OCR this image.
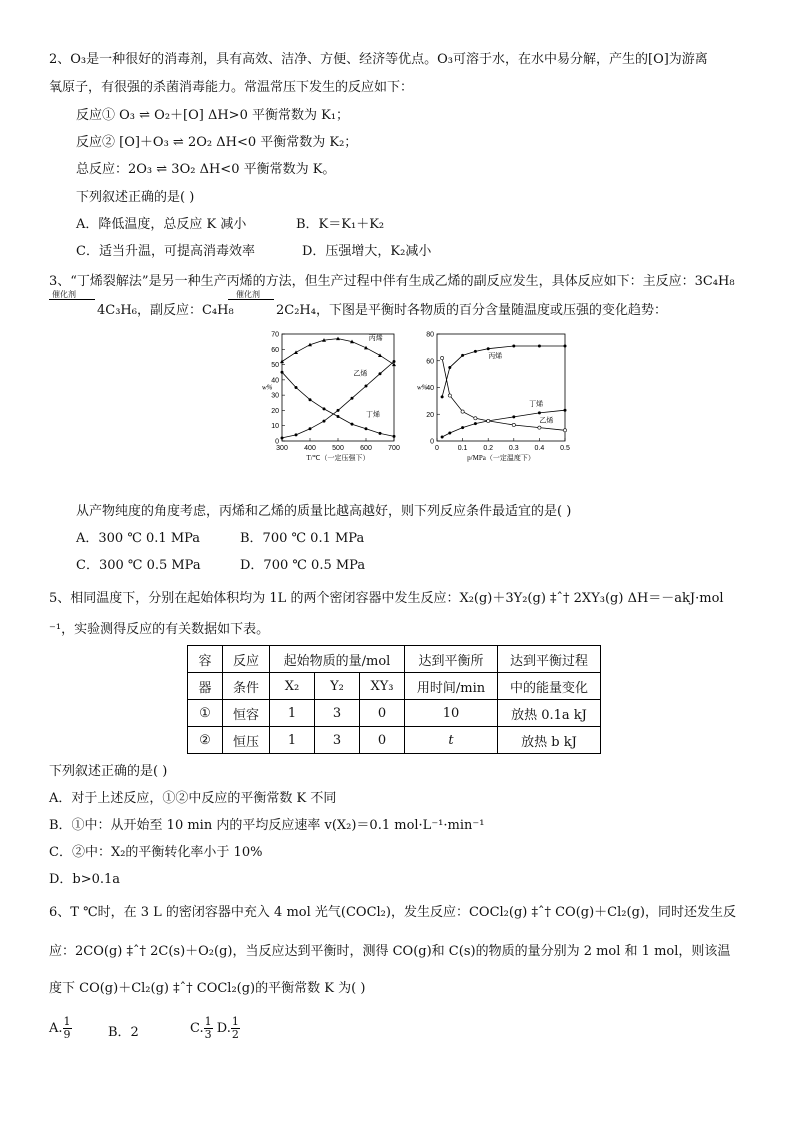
2、O₃是一种很好的消毒剂，具有高效、洁净、方便、经济等优点。O₃可溶于水，在水中易分解，产生的[O]为游离
氧原子，有很强的杀菌消毒能力。常温常压下发生的反应如下：
反应① O₃ ⇌ O₂＋[O] ΔH>0 平衡常数为 K₁；
反应② [O]＋O₃ ⇌ 2O₂ ΔH<0 平衡常数为 K₂；
总反应：2O₃ ⇌ 3O₂ ΔH<0 平衡常数为 K。
下列叙述正确的是( )
A．降低温度，总反应 K 减小	B．K＝K₁＋K₂
C．适当升温，可提高消毒效率	D．压强增大，K₂减小
3、“丁烯裂解法”是另一种生产丙烯的方法，但生产过程中伴有生成乙烯的副反应发生，具体反应如下：主反应：3C₄H₈
催化剂
4C₃H₆，副反应：C₄H₈
催化剂
2C₂H₄，下图是平衡时各物质的百分含量随温度或压强的变化趋势：
0
10
20
30
40
50
60
70
300 400 500 600 700
w%
T/℃（一定压强下）
丙烯
乙烯
丁烯
0
20
40
60
80
0	0.1 0.2 0.3 0.4 0.5
w%
p/MPa（一定温度下）
丙烯
丁烯
乙烯
从产物纯度的角度考虑，丙烯和乙烯的质量比越高越好，则下列反应条件最适宜的是( )
A．300 ℃ 0.1 MPa	B．700 ℃ 0.1 MPa
C．300 ℃ 0.5 MPa	D．700 ℃ 0.5 MPa
5、相同温度下，分别在起始体积均为 1L 的两个密闭容器中发生反应：X₂(g)＋3Y₂(g) ‡ˆ† 2XY₃(g) ΔH＝－akJ·mol
⁻¹，实验测得反应的有关数据如下表。
容	反应	起始物质的量/mol			达到平衡所	达到平衡过程
器	条件	X₂	Y₂	XY₃	用时间/min	中的能量变化
①	恒容	1	3	0	10	放热 0.1a kJ
②	恒压	1	3	0	t	放热 b kJ
下列叙述正确的是( )
A．对于上述反应，①②中反应的平衡常数 K 不同
B．①中：从开始至 10 min 内的平均反应速率 v(X₂)＝0.1 mol·L⁻¹·min⁻¹
C．②中：X₂的平衡转化率小于 10%
D．b>0.1a
6、T ℃时，在 3 L 的密闭容器中充入 4 mol 光气(COCl₂)，发生反应：COCl₂(g) ‡ˆ† CO(g)＋Cl₂(g)，同时还发生反
应：2CO(g) ‡ˆ† 2C(s)＋O₂(g)，当反应达到平衡时，测得 CO(g)和 C(s)的物质的量分别为 2 mol 和 1 mol，则该温
度下 CO(g)＋Cl₂(g) ‡ˆ† COCl₂(g)的平衡常数 K 为( )
A. $\frac{1}{9}$	B．2	C. $\frac{1}{3} D$. $\frac{1}{2}$
